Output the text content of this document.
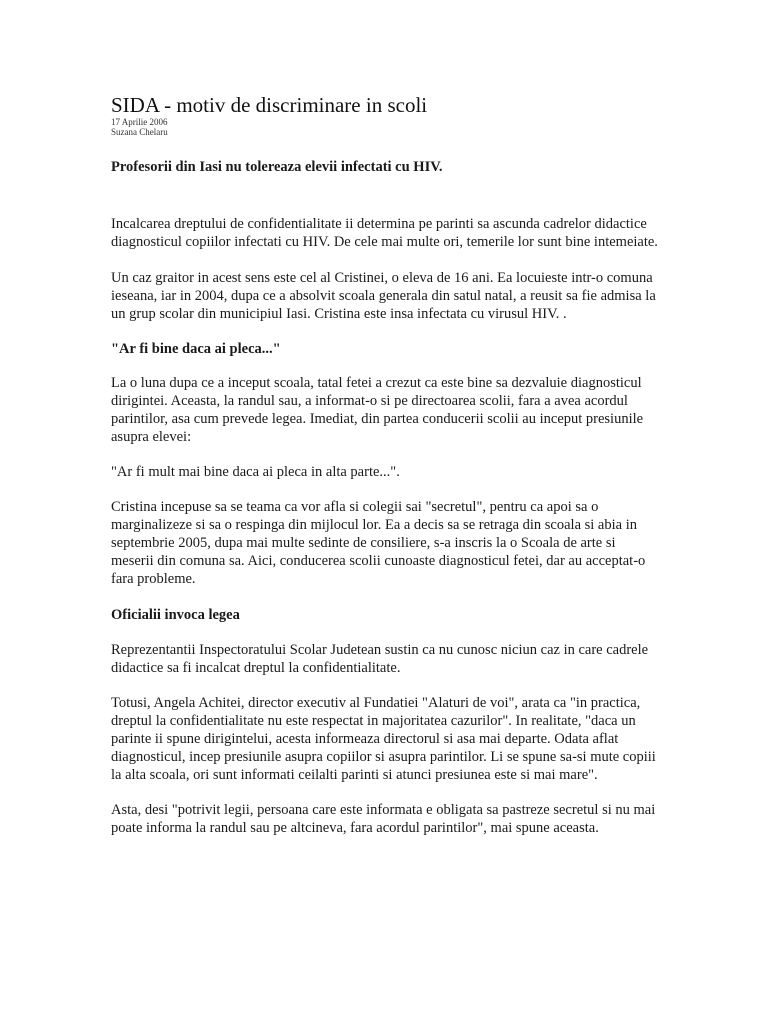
SIDA - motiv de discriminare in scoli

17 Aprilie 2006

Suzana Chelaru

Profesorii din Iasi nu tolereaza elevii infectati cu HIV.

Incalcarea dreptului de confidentialitate ii determina pe parinti sa ascunda cadrelor didactice diagnosticul copiilor infectati cu HIV. De cele mai multe ori, temerile lor sunt bine intemeiate.

Un caz graitor in acest sens este cel al Cristinei, o eleva de 16 ani. Ea locuieste intr-o comuna ieseana, iar in 2004, dupa ce a absolvit scoala generala din satul natal, a reusit sa fie admisa la un grup scolar din municipiul Iasi. Cristina este insa infectata cu virusul HIV. .

"Ar fi bine daca ai pleca..."

La o luna dupa ce a inceput scoala, tatal fetei a crezut ca este bine sa dezvaluie diagnosticul dirigintei. Aceasta, la randul sau, a informat-o si pe directoarea scolii, fara a avea acordul parintilor, asa cum prevede legea. Imediat, din partea conducerii scolii au inceput presiunile asupra elevei:

"Ar fi mult mai bine daca ai pleca in alta parte...".

Cristina incepuse sa se teama ca vor afla si colegii sai "secretul", pentru ca apoi sa o marginalizeze si sa o respinga din mijlocul lor. Ea a decis sa se retraga din scoala si abia in septembrie 2005, dupa mai multe sedinte de consiliere, s-a inscris la o Scoala de arte si meserii din comuna sa. Aici, conducerea scolii cunoaste diagnosticul fetei, dar au acceptat-o fara probleme.

Oficialii invoca legea

Reprezentantii Inspectoratului Scolar Judetean sustin ca nu cunosc niciun caz in care cadrele didactice sa fi incalcat dreptul la confidentialitate.

Totusi, Angela Achitei, director executiv al Fundatiei "Alaturi de voi", arata ca "in practica, dreptul la confidentialitate nu este respectat in majoritatea cazurilor". In realitate, "daca un parinte ii spune dirigintelui, acesta informeaza directorul si asa mai departe. Odata aflat diagnosticul, incep presiunile asupra copiilor si asupra parintilor. Li se spune sa-si mute copiii la alta scoala, ori sunt informati ceilalti parinti si atunci presiunea este si mai mare".

Asta, desi "potrivit legii, persoana care este informata e obligata sa pastreze secretul si nu mai poate informa la randul sau pe altcineva, fara acordul parintilor", mai spune aceasta.
